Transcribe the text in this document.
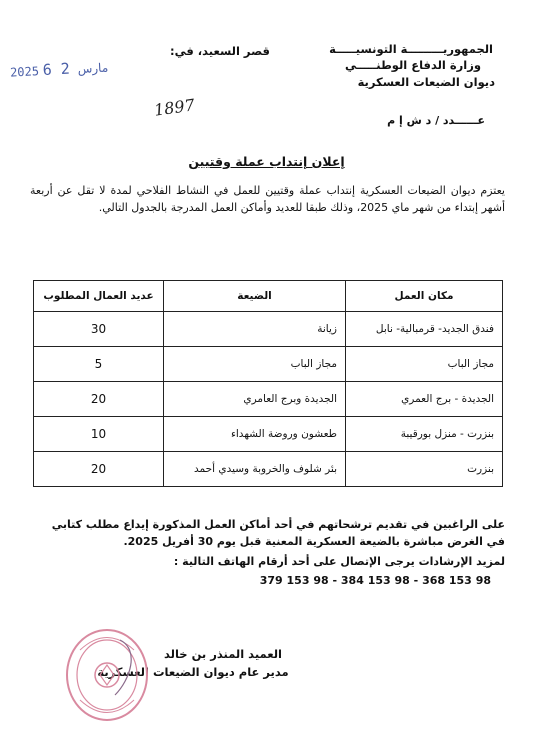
الجمهوريـــــــــة التونسيـــــة
وزارة الدفاع الوطنـــــي
ديوان الضيعات العسكرية
عــــــدد / د ش إ م
1897
قصر السعيد، في:
2025	مارس 2 6
إعلان إنتداب عملة وقتيين
يعتزم ديوان الضيعات العسكرية إنتداب عملة وقتيين للعمل في النشاط الفلاحي لمدة لا تقل عن أربعة أشهر إبتداء من شهر ماي 2025، وذلك طبقا للعديد وأماكن العمل المدرجة بالجدول التالي.
مكان العمل	الضيعة	عديد العمال المطلوب
فندق الجديد- قرمبالية- نابل	زيانة	30
مجاز الباب	مجاز الباب	5
الجديدة - برج العمري	الجديدة وبرج العامري	20
بنزرت - منزل بورقيبة	طعشون وروضة الشهداء	10
بنزرت	بئر شلوف والخروبة وسيدي أحمد	20
على الراغبين في تقديم ترشحاتهم في أحد أماكن العمل المذكورة إيداع مطلب كتابي في الغرض مباشرة بالضيعة العسكرية المعنية قبل يوم 30 أفريل 2025.
لمزيد الإرشادات يرجى الإتصال على أحد أرقام الهاتف التالية :
98 153 368 - 98 153 384 - 98 153 379
العميد المنذر بن خالد
مدير عام ديوان الضيعات العسكرية
